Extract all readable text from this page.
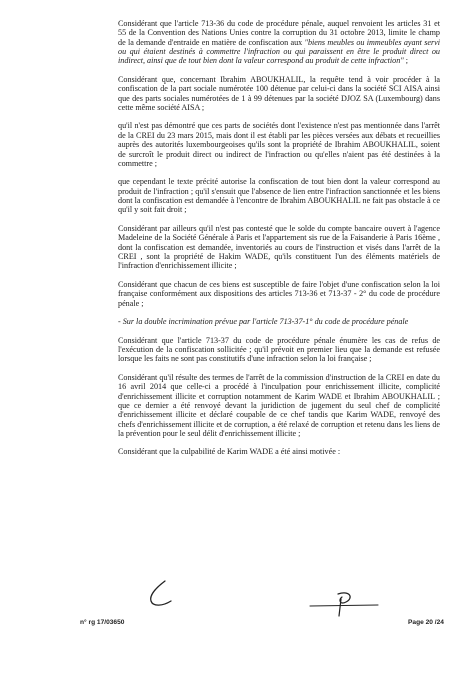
Considérant que l'article 713-36 du code de procédure pénale, auquel renvoient les articles 31 et 55 de la Convention des Nations Unies contre la corruption du 31 octobre 2013, limite le champ de la demande d'entraide en matière de confiscation aux "biens meubles ou immeubles ayant servi ou qui étaient destinés à commettre l'infraction ou qui paraissent en être le produit direct ou indirect, ainsi que de tout bien dont la valeur correspond au produit de cette infraction" ;

Considérant que, concernant Ibrahim ABOUKHALIL, la requête tend à voir procéder à la confiscation de la part sociale numérotée 100 détenue par celui-ci dans la société SCI AISA ainsi que des parts sociales numérotées de 1 à 99 détenues par la société DJOZ SA (Luxembourg) dans cette même société AISA ;

qu'il n'est pas démontré que ces parts de sociétés dont l'existence n'est pas mentionnée dans l'arrêt de la CREI du 23 mars 2015, mais dont il est établi par les pièces versées aux débats et recueillies auprès des autorités luxembourgeoises qu'ils sont la propriété de Ibrahim ABOUKHALIL, soient de surcroît le produit direct ou indirect de l'infraction ou qu'elles n'aient pas été destinées à la commettre ;

que cependant le texte précité autorise la confiscation de tout bien dont la valeur correspond au produit de l'infraction ; qu'il s'ensuit que l'absence de lien entre l'infraction sanctionnée et les biens dont la confiscation est demandée à l'encontre de Ibrahim ABOUKHALIL ne fait pas obstacle à ce qu'il y soit fait droit ;

Considérant par ailleurs qu'il n'est pas contesté que le solde du compte bancaire ouvert à l'agence Madeleine de la Société Générale à Paris et l'appartement sis rue de la Faisanderie à Paris 16ème , dont la confiscation est demandée, inventoriés au cours de l'instruction et visés dans l'arrêt de la CREI , sont la propriété de Hakim WADE, qu'ils constituent l'un des éléments matériels de l'infraction d'enrichissement illicite ;

Considérant que chacun de ces biens est susceptible de faire l'objet d'une confiscation selon la loi française conformément aux dispositions des articles 713-36 et 713-37 - 2° du code de procédure pénale ;

- Sur la double incrimination prévue par l'article 713-37-1° du code de procédure pénale

Considérant que l'article 713-37 du code de procédure pénale énumère les cas de refus de l'exécution de la confiscation sollicitée ; qu'il prévoit en premier lieu que la demande est refusée lorsque les faits ne sont pas constitutifs d'une infraction selon la loi française ;

Considérant qu'il résulte des termes de l'arrêt de la commission d'instruction de la CREI en date du 16 avril 2014 que celle-ci a procédé à l'inculpation pour enrichissement illicite, complicité d'enrichissement illicite et corruption notamment de Karim WADE et Ibrahim ABOUKHALIL ; que ce dernier a été renvoyé devant la juridiction de jugement du seul chef de complicité d'enrichissement illicite et déclaré coupable de ce chef tandis que Karim WADE, renvoyé des chefs d'enrichissement illicite et de corruption, a été relaxé de corruption et retenu dans les liens de la prévention pour le seul délit d'enrichissement illicite ;

Considérant que la culpabilité de Karim WADE a été ainsi motivée :

n° rg 17/03650	Page 20 /24
